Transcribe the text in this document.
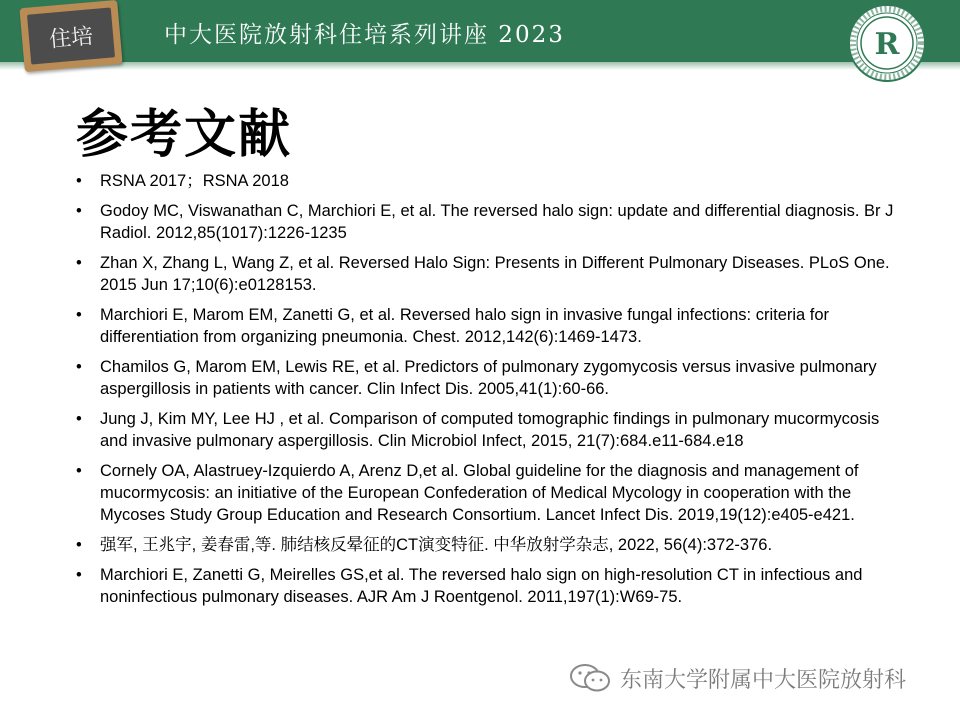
住培	中大医院放射科住培系列讲座 2023	R
参考文献
• RSNA 2017；RSNA 2018
• Godoy MC, Viswanathan C, Marchiori E, et al. The reversed halo sign: update and differential diagnosis. Br J Radiol. 2012,85(1017):1226-1235
• Zhan X, Zhang L, Wang Z, et al. Reversed Halo Sign: Presents in Different Pulmonary Diseases. PLoS One. 2015 Jun 17;10(6):e0128153.
• Marchiori E, Marom EM, Zanetti G, et al. Reversed halo sign in invasive fungal infections: criteria for differentiation from organizing pneumonia. Chest. 2012,142(6):1469-1473.
• Chamilos G, Marom EM, Lewis RE, et al. Predictors of pulmonary zygomycosis versus invasive pulmonary aspergillosis in patients with cancer. Clin Infect Dis. 2005,41(1):60-66.
• Jung J, Kim MY, Lee HJ , et al. Comparison of computed tomographic findings in pulmonary mucormycosis and invasive pulmonary aspergillosis. Clin Microbiol Infect, 2015, 21(7):684.e11-684.e18
• Cornely OA, Alastruey-Izquierdo A, Arenz D,et al. Global guideline for the diagnosis and management of mucormycosis: an initiative of the European Confederation of Medical Mycology in cooperation with the Mycoses Study Group Education and Research Consortium. Lancet Infect Dis. 2019,19(12):e405-e421.
• 强军, 王兆宇, 姜春雷,等. 肺结核反晕征的CT演变特征. 中华放射学杂志, 2022, 56(4):372-376.
• Marchiori E, Zanetti G, Meirelles GS,et al. The reversed halo sign on high-resolution CT in infectious and noninfectious pulmonary diseases. AJR Am J Roentgenol. 2011,197(1):W69-75.
东南大学附属中大医院放射科
